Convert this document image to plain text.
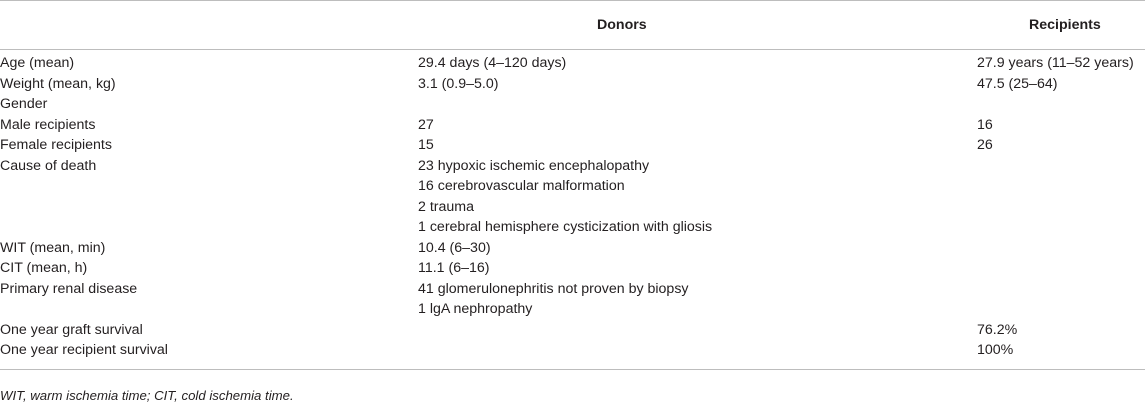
	Donors	Recipients
Age (mean)	29.4 days (4–120 days)	27.9 years (11–52 years)

Weight (mean, kg)	3.1 (0.9–5.0)	47.5 (25–64)

Gender		
Male recipients	27	16

Female recipients	15	26

Cause of death	23 hypoxic ischemic encephalopathy
16 cerebrovascular malformation
2 trauma
1 cerebral hemisphere cysticization with gliosis	

WIT (mean, min)	10.4 (6–30)	

CIT (mean, h)	11.1 (6–16)	

Primary renal disease	41 glomerulonephritis not proven by biopsy
1 lgA nephropathy	

One year graft survival		76.2%

One year recipient survival		100%
WIT, warm ischemia time; CIT, cold ischemia time.
